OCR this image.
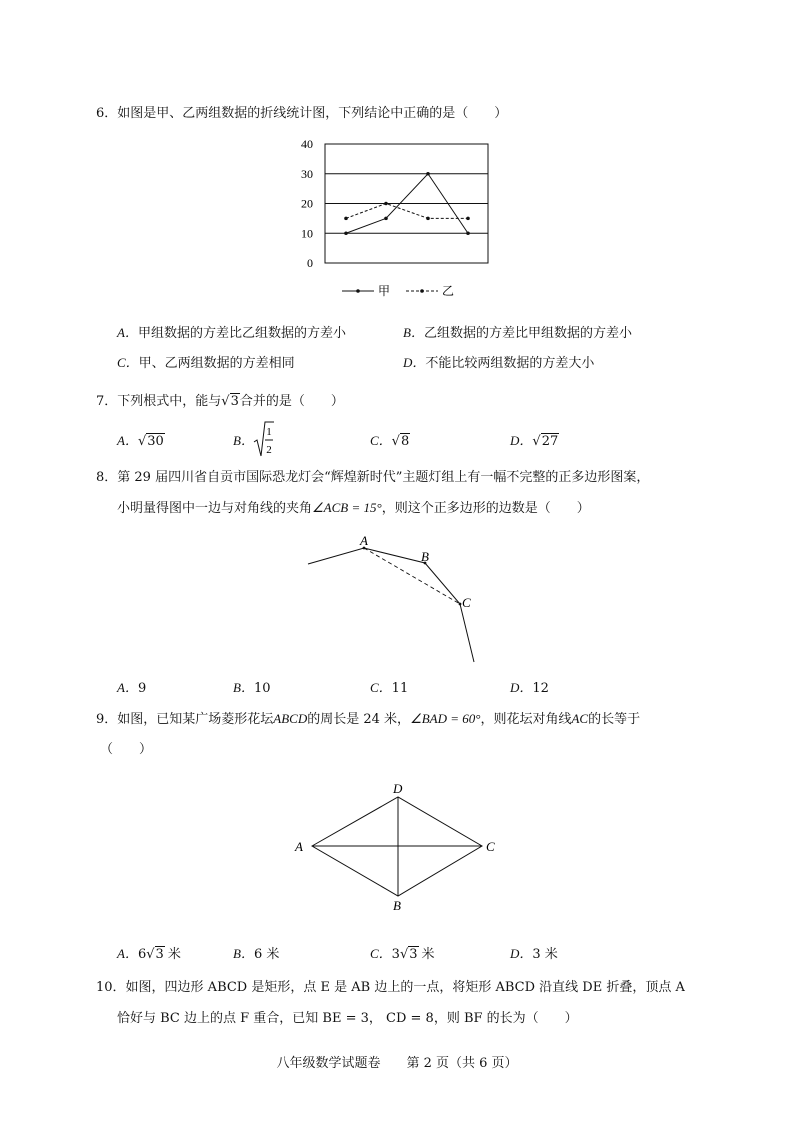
6．如图是甲、乙两组数据的折线统计图，下列结论中正确的是（　　）
0
10
20
30
40
甲	乙
A．甲组数据的方差比乙组数据的方差小	B．乙组数据的方差比甲组数据的方差小
C．甲、乙两组数据的方差相同	D．不能比较两组数据的方差大小
7．下列根式中，能与√3合并的是（　　）
A．√30	B．
1
2
C．√8	D．√27
8．第 29 届四川省自贡市国际恐龙灯会“辉煌新时代”主题灯组上有一幅不完整的正多边形图案，
小明量得图中一边与对角线的夹角∠ACB = 15°，则这个正多边形的边数是（　　）
A
B
C
A．9	B．10	C．11	D．12
9．如图，已知某广场菱形花坛ABCD的周长是 24 米，∠BAD = 60°，则花坛对角线AC的长等于
（　　）
A	C
D
B
A．6√3 米	B．6 米	C．3√3 米	D．3 米
10．如图，四边形 ABCD 是矩形，点 E 是 AB 边上的一点，将矩形 ABCD 沿直线 DE 折叠，顶点 A
恰好与 BC 边上的点 F 重合，已知 BE = 3， CD = 8，则 BF 的长为（　　）
八年级数学试题卷　　第 2 页（共 6 页）
